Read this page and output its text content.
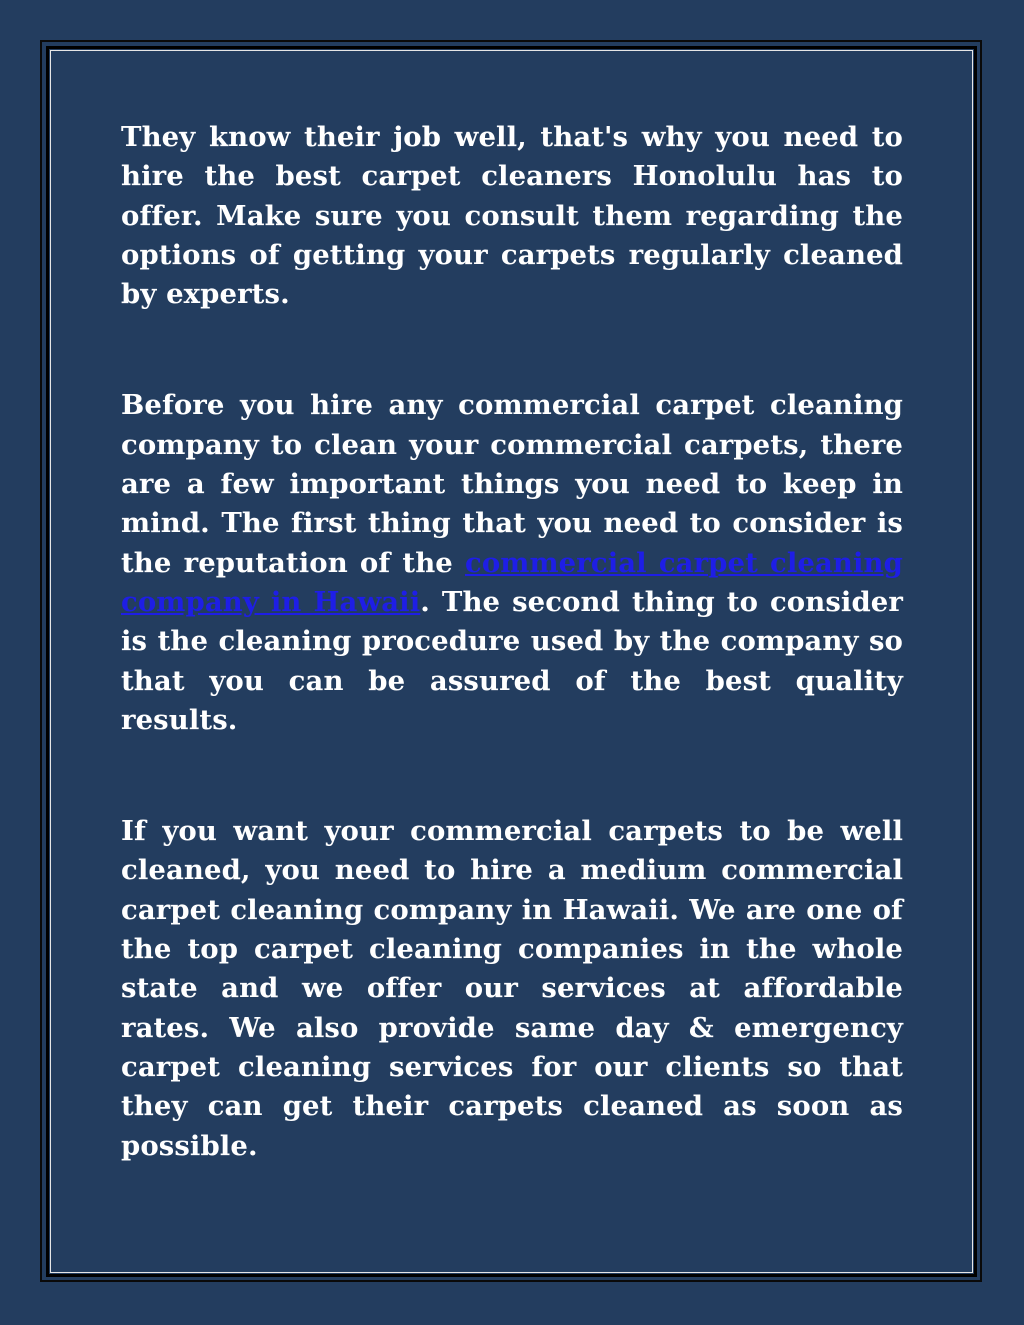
They know their job well, that's why you need to hire the best carpet cleaners Honolulu has to offer. Make sure you consult them regarding the options of getting your carpets regularly cleaned by experts.

Before you hire any commercial carpet cleaning company to clean your commercial carpets, there are a few important things you need to keep in mind. The first thing that you need to consider is the reputation of the commercial carpet cleaning company in Hawaii. The second thing to consider is the cleaning procedure used by the company so that you can be assured of the best quality results.

If you want your commercial carpets to be well cleaned, you need to hire a medium commercial carpet cleaning company in Hawaii. We are one of the top carpet cleaning companies in the whole state and we offer our services at affordable rates. We also provide same day & emergency carpet cleaning services for our clients so that they can get their carpets cleaned as soon as possible.
